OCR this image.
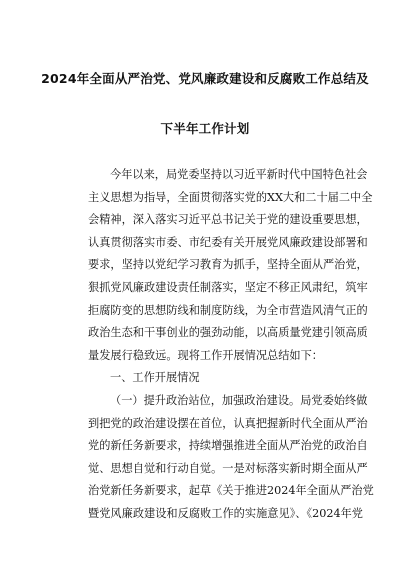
2024年全面从严治党、党风廉政建设和反腐败工作总结及
下半年工作计划
今年以来，局党委坚持以习近平新时代中国特色社会
主义思想为指导，全面贯彻落实党的XX大和二十届二中全
会精神，深入落实习近平总书记关于党的建设重要思想，
认真贯彻落实市委、市纪委有关开展党风廉政建设部署和
要求，坚持以党纪学习教育为抓手，坚持全面从严治党，
狠抓党风廉政建设责任制落实，坚定不移正风肃纪，筑牢
拒腐防变的思想防线和制度防线，为全市营造风清气正的
政治生态和干事创业的强劲动能，以高质量党建引领高质
量发展行稳致远。现将工作开展情况总结如下：
一、工作开展情况
（一）提升政治站位，加强政治建设。局党委始终做
到把党的政治建设摆在首位，认真把握新时代全面从严治
党的新任务新要求，持续增强推进全面从严治党的政治自
觉、思想自觉和行动自觉。一是对标落实新时期全面从严
治党新任务新要求，起草《关于推进2024年全面从严治党
暨党风廉政建设和反腐败工作的实施意见》、《2024年党
